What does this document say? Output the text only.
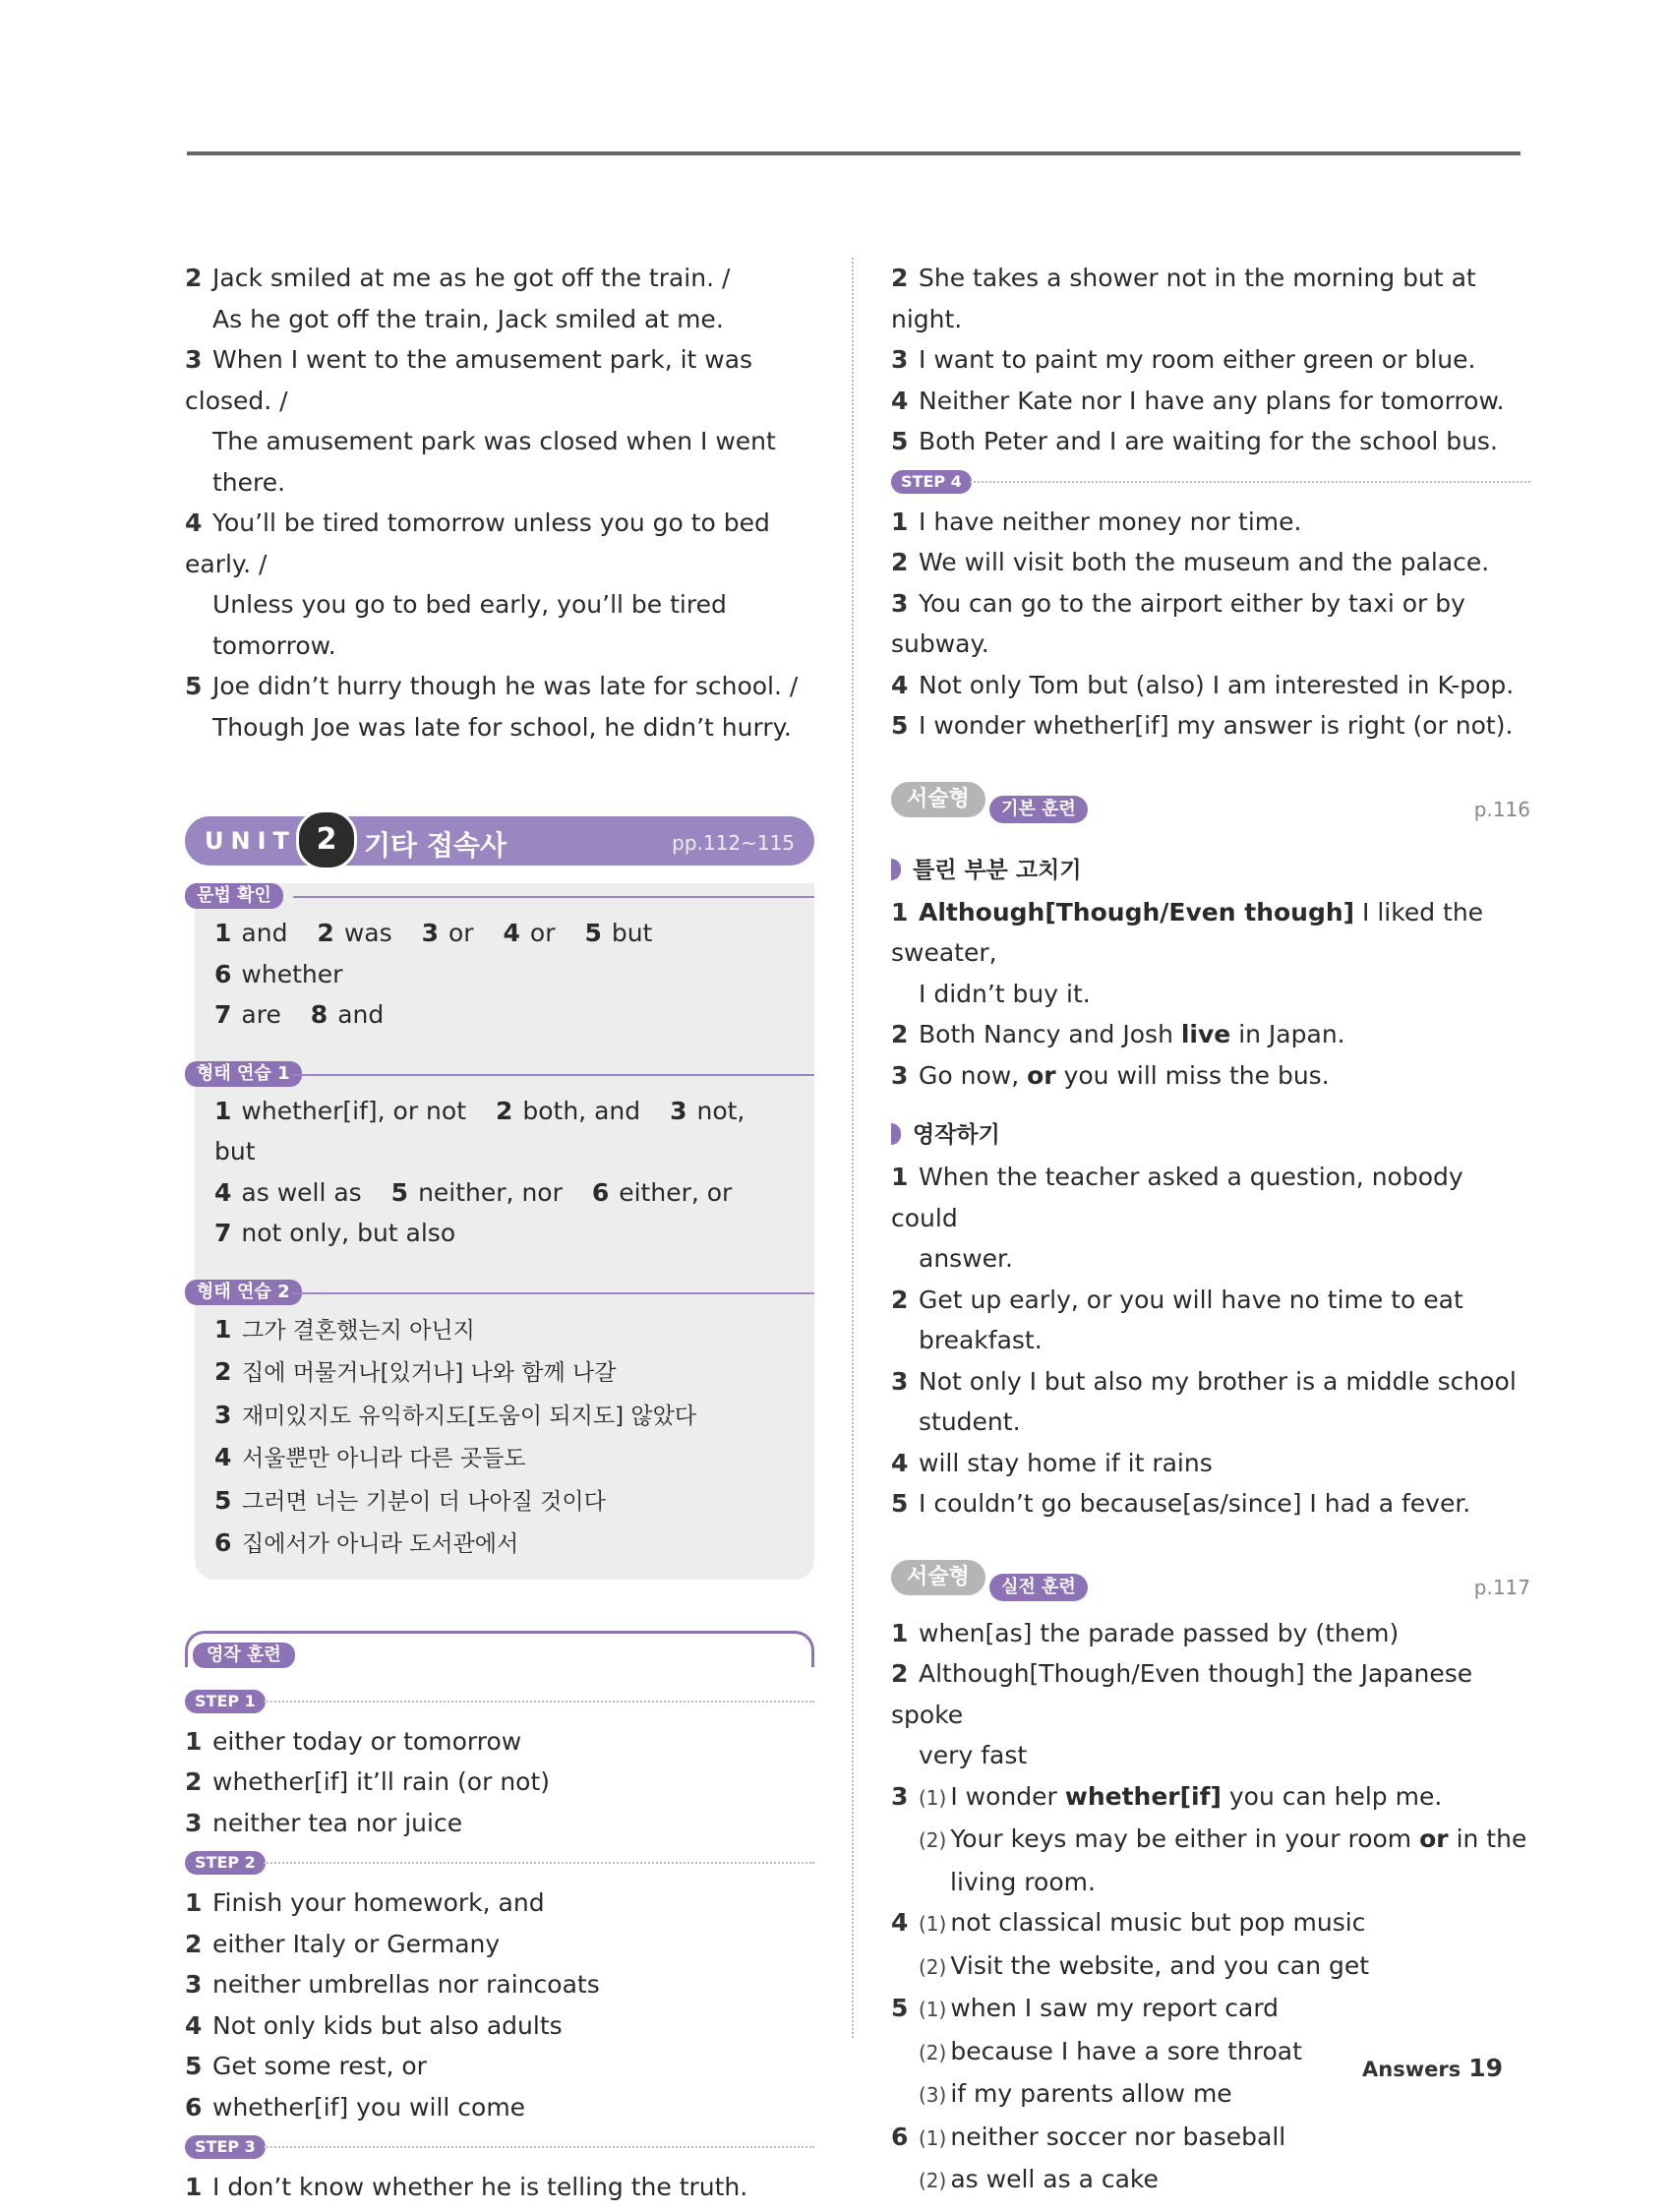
2 Jack smiled at me as he got off the train. /
As he got off the train, Jack smiled at me.
3 When I went to the amusement park, it was closed. /
The amusement park was closed when I went there.
4 You’ll be tired tomorrow unless you go to bed early. /
Unless you go to bed early, you’ll be tired tomorrow.
5 Joe didn’t hurry though he was late for school. /
Though Joe was late for school, he didn’t hurry.
UNIT 2 기타 접속사	pp.112~115
문법 확인
1 and 2 was 3 or 4 or 5 but 6 whether
7 are 8 and
형태 연습 1
1 whether[if], or not 2 both, and 3 not, but
4 as well as 5 neither, nor 6 either, or
7 not only, but also
형태 연습 2
1 그가 결혼했는지 아닌지
2 집에 머물거나[있거나] 나와 함께 나갈
3 재미있지도 유익하지도[도움이 되지도] 않았다
4 서울뿐만 아니라 다른 곳들도
5 그러면 너는 기분이 더 나아질 것이다
6 집에서가 아니라 도서관에서
영작 훈련
STEP 1
1 either today or tomorrow
2 whether[if] it’ll rain (or not)
3 neither tea nor juice
STEP 2
1 Finish your homework, and
2 either Italy or Germany
3 neither umbrellas nor raincoats
4 Not only kids but also adults
5 Get some rest, or
6 whether[if] you will come
STEP 3
1 I don’t know whether he is telling the truth.
2 She takes a shower not in the morning but at night.
3 I want to paint my room either green or blue.
4 Neither Kate nor I have any plans for tomorrow.
5 Both Peter and I are waiting for the school bus.
STEP 4
1 I have neither money nor time.
2 We will visit both the museum and the palace.
3 You can go to the airport either by taxi or by subway.
4 Not only Tom but (also) I am interested in K-pop.
5 I wonder whether[if] my answer is right (or not).
서술형	기본 훈련	p.116
틀린 부분 고치기
1 Although[Though/Even though] I liked the sweater,
I didn’t buy it.
2 Both Nancy and Josh live in Japan.
3 Go now, or you will miss the bus.
영작하기
1 When the teacher asked a question, nobody could
answer.
2 Get up early, or you will have no time to eat
breakfast.
3 Not only I but also my brother is a middle school
student.
4 will stay home if it rains
5 I couldn’t go because[as/since] I had a fever.
서술형	실전 훈련	p.117
1 when[as] the parade passed by (them)
2 Although[Though/Even though] the Japanese spoke
very fast
3 (1) I wonder whether[if] you can help me.
(2) Your keys may be either in your room or in the
living room.
4 (1) not classical music but pop music
(2) Visit the website, and you can get
5 (1) when I saw my report card
(2) because I have a sore throat
(3) if my parents allow me
6 (1) neither soccer nor baseball
(2) as well as a cake
Answers 19
